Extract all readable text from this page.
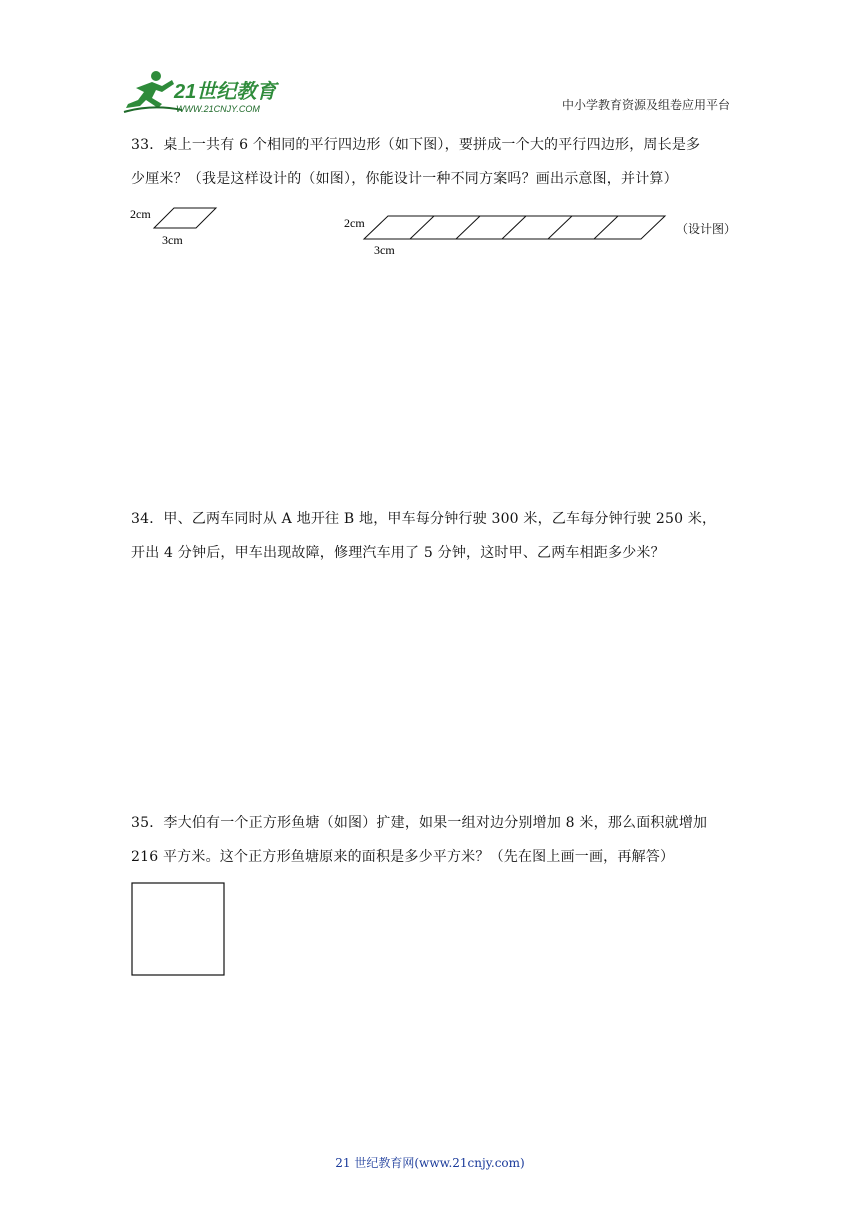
21世纪教育
WWW.21CNJY.COM	中小学教育资源及组卷应用平台

33．桌上一共有 6 个相同的平行四边形（如下图），要拼成一个大的平行四边形，周长是多

少厘米？（我是这样设计的（如图），你能设计一种不同方案吗？画出示意图，并计算）

2cm
3cm
2cm
3cm
（设计图）

34．甲、乙两车同时从 A 地开往 B 地，甲车每分钟行驶 300 米，乙车每分钟行驶 250 米，

开出 4 分钟后，甲车出现故障，修理汽车用了 5 分钟，这时甲、乙两车相距多少米？

35．李大伯有一个正方形鱼塘（如图）扩建，如果一组对边分别增加 8 米，那么面积就增加

216 平方米。这个正方形鱼塘原来的面积是多少平方米？（先在图上画一画，再解答）

21 世纪教育网(www.21cnjy.com)
